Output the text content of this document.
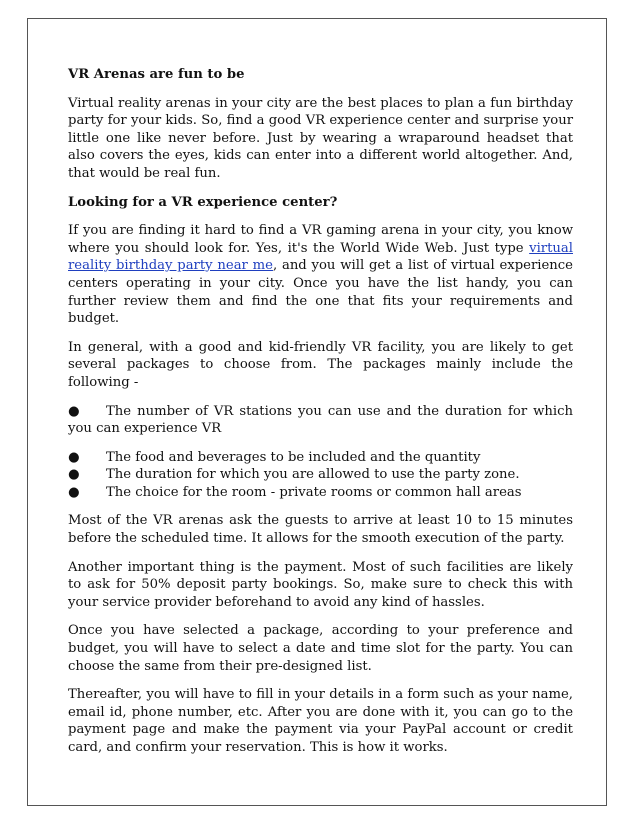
VR Arenas are fun to be

Virtual reality arenas in your city are the best places to plan a fun birthday party for your kids. So, find a good VR experience center and surprise your little one like never before. Just by wearing a wraparound headset that also covers the eyes, kids can enter into a different world altogether. And, that would be real fun.

Looking for a VR experience center?

If you are finding it hard to find a VR gaming arena in your city, you know where you should look for. Yes, it's the World Wide Web. Just type virtual reality birthday party near me, and you will get a list of virtual experience centers operating in your city. Once you have the list handy, you can further review them and find the one that fits your requirements and budget.

In general, with a good and kid-friendly VR facility, you are likely to get several packages to choose from. The packages mainly include the following -

● The number of VR stations you can use and the duration for which you can experience VR

●	The food and beverages to be included and the quantity
●	The duration for which you are allowed to use the party zone.
●	The choice for the room - private rooms or common hall areas

Most of the VR arenas ask the guests to arrive at least 10 to 15 minutes before the scheduled time. It allows for the smooth execution of the party.

Another important thing is the payment. Most of such facilities are likely to ask for 50% deposit party bookings. So, make sure to check this with your service provider beforehand to avoid any kind of hassles.

Once you have selected a package, according to your preference and budget, you will have to select a date and time slot for the party. You can choose the same from their pre-designed list.

Thereafter, you will have to fill in your details in a form such as your name, email id, phone number, etc. After you are done with it, you can go to the payment page and make the payment via your PayPal account or credit card, and confirm your reservation. This is how it works.
